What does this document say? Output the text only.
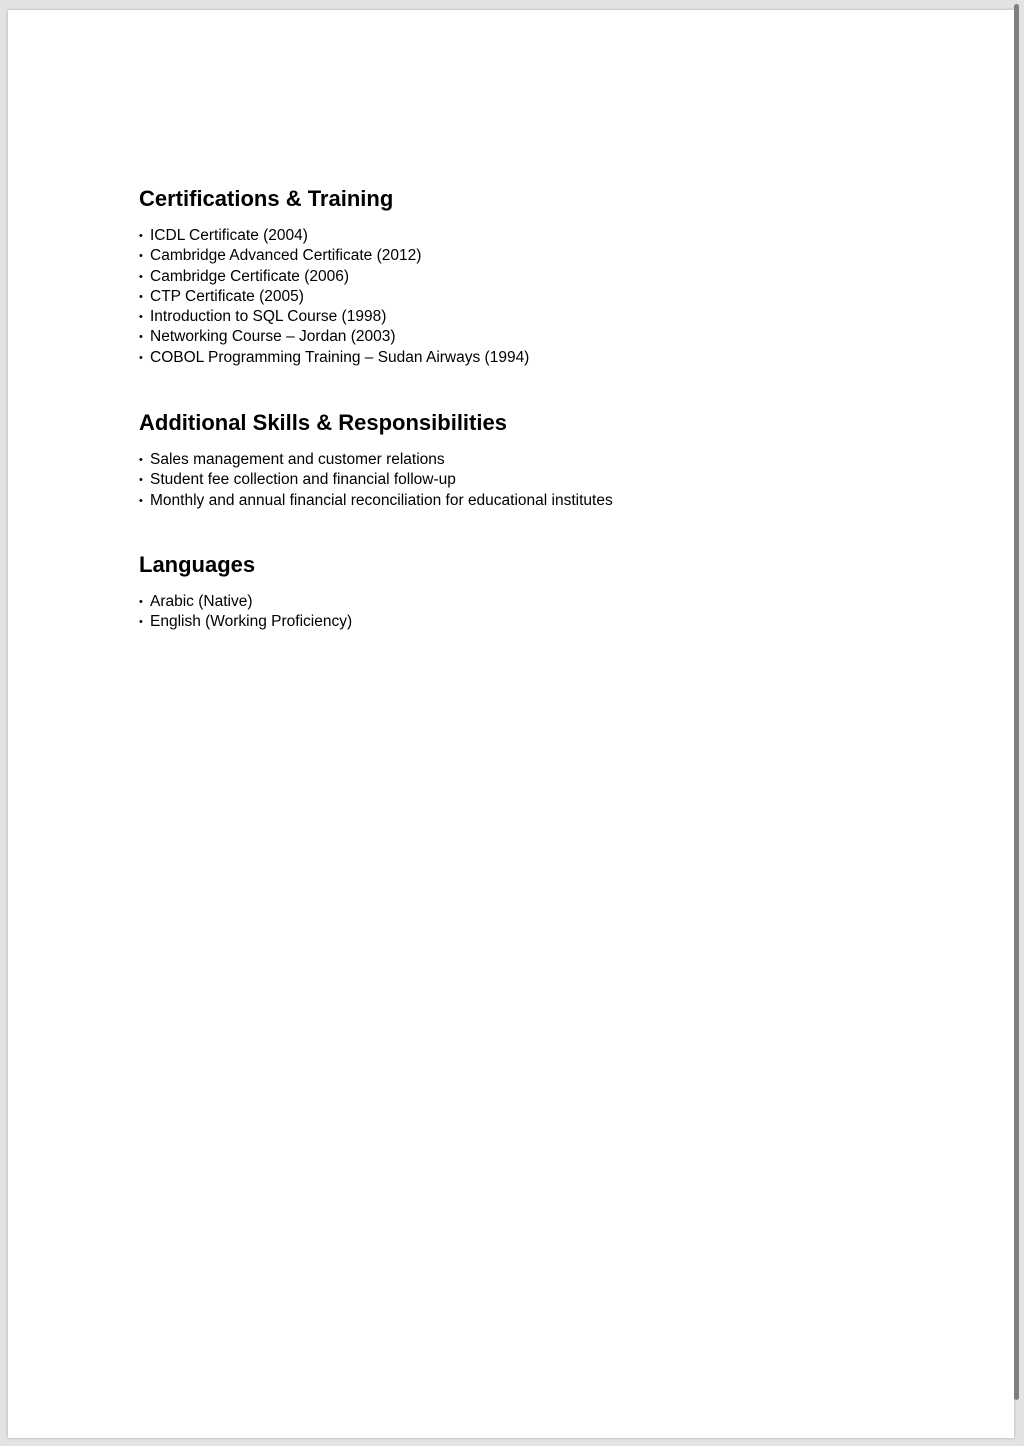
Certifications & Training
• ICDL Certificate (2004)
• Cambridge Advanced Certificate (2012)
• Cambridge Certificate (2006)
• CTP Certificate (2005)
• Introduction to SQL Course (1998)
• Networking Course – Jordan (2003)
• COBOL Programming Training – Sudan Airways (1994)
Additional Skills & Responsibilities
• Sales management and customer relations
• Student fee collection and financial follow-up
• Monthly and annual financial reconciliation for educational institutes
Languages
• Arabic (Native)
• English (Working Proficiency)
